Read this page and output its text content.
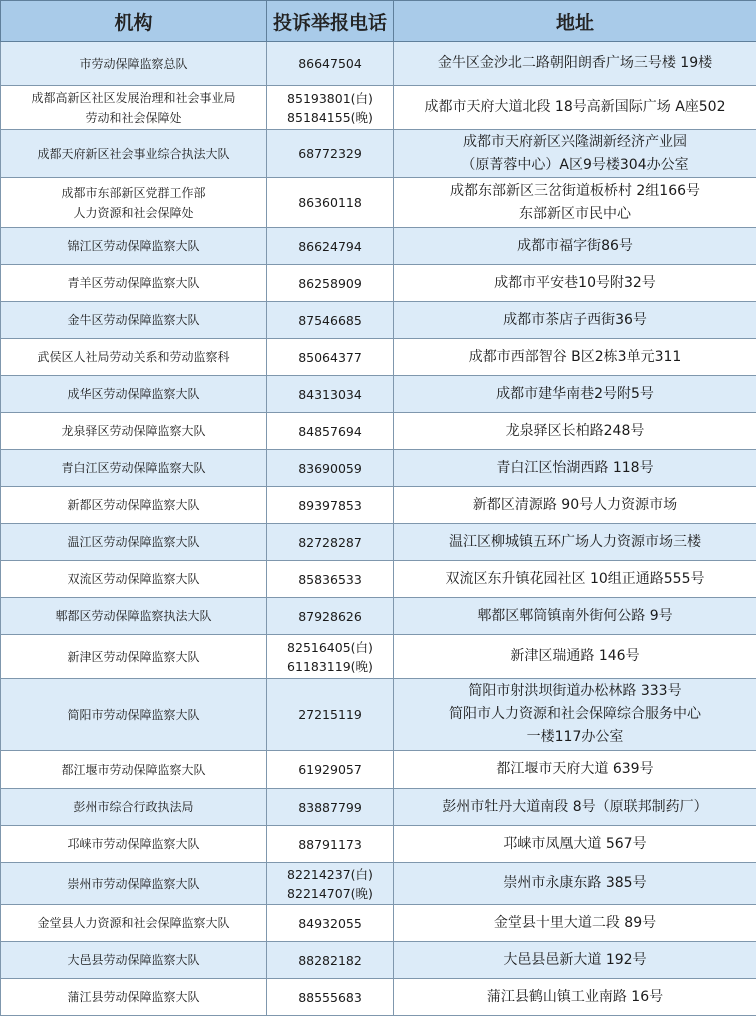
机构	投诉举报电话	地址

市劳动保障监察总队	86647504	金牛区金沙北二路朝阳朗香广场三号楼 19楼

成都高新区社区发展治理和社会事业局
劳动和社会保障处	85193801(白)
85184155(晚)	成都市天府大道北段 18号高新国际广场 A座502

成都天府新区社会事业综合执法大队	68772329	成都市天府新区兴隆湖新经济产业园
（原菁蓉中心）A区9号楼304办公室

成都市东部新区党群工作部
人力资源和社会保障处	86360118	成都东部新区三岔街道板桥村 2组166号
东部新区市民中心

锦江区劳动保障监察大队	86624794	成都市福字街86号

青羊区劳动保障监察大队	86258909	成都市平安巷10号附32号

金牛区劳动保障监察大队	87546685	成都市茶店子西街36号

武侯区人社局劳动关系和劳动监察科	85064377	成都市西部智谷 B区2栋3单元311

成华区劳动保障监察大队	84313034	成都市建华南巷2号附5号

龙泉驿区劳动保障监察大队	84857694	龙泉驿区长柏路248号

青白江区劳动保障监察大队	83690059	青白江区怡湖西路 118号

新都区劳动保障监察大队	89397853	新都区清源路 90号人力资源市场

温江区劳动保障监察大队	82728287	温江区柳城镇五环广场人力资源市场三楼

双流区劳动保障监察大队	85836533	双流区东升镇花园社区 10组正通路555号

郫都区劳动保障监察执法大队	87928626	郫都区郫筒镇南外街何公路 9号

新津区劳动保障监察大队	82516405(白)
61183119(晚)	新津区瑞通路 146号

简阳市劳动保障监察大队	27215119	简阳市射洪坝街道办松林路 333号
简阳市人力资源和社会保障综合服务中心
一楼117办公室

都江堰市劳动保障监察大队	61929057	都江堰市天府大道 639号

彭州市综合行政执法局	83887799	彭州市牡丹大道南段 8号（原联邦制药厂）

邛崃市劳动保障监察大队	88791173	邛崃市凤凰大道 567号

崇州市劳动保障监察大队	82214237(白)
82214707(晚)	崇州市永康东路 385号

金堂县人力资源和社会保障监察大队	84932055	金堂县十里大道二段 89号

大邑县劳动保障监察大队	88282182	大邑县邑新大道 192号

蒲江县劳动保障监察大队	88555683	蒲江县鹤山镇工业南路 16号
